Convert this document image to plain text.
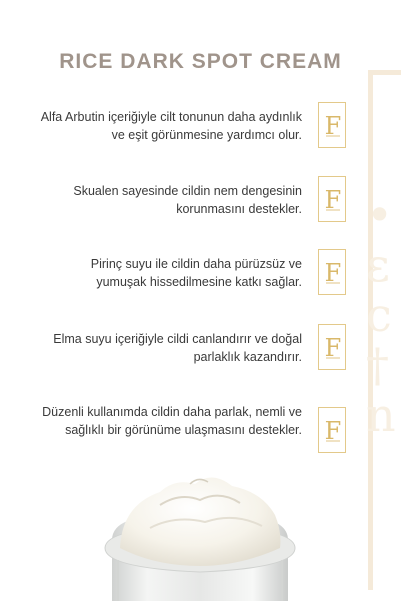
•
ε
c
†
n
RICE DARK SPOT CREAM
Alfa Arbutin içeriğiyle cilt tonunun daha aydınlık ve eşit görünmesine yardımcı olur. F
Skualen sayesinde cildin nem dengesinin korunmasını destekler. F
Pirinç suyu ile cildin daha pürüzsüz ve yumuşak hissedilmesine katkı sağlar. F
Elma suyu içeriğiyle cildi canlandırır ve doğal parlaklık kazandırır. F
Düzenli kullanımda cildin daha parlak, nemli ve sağlıklı bir görünüme ulaşmasını destekler. F
